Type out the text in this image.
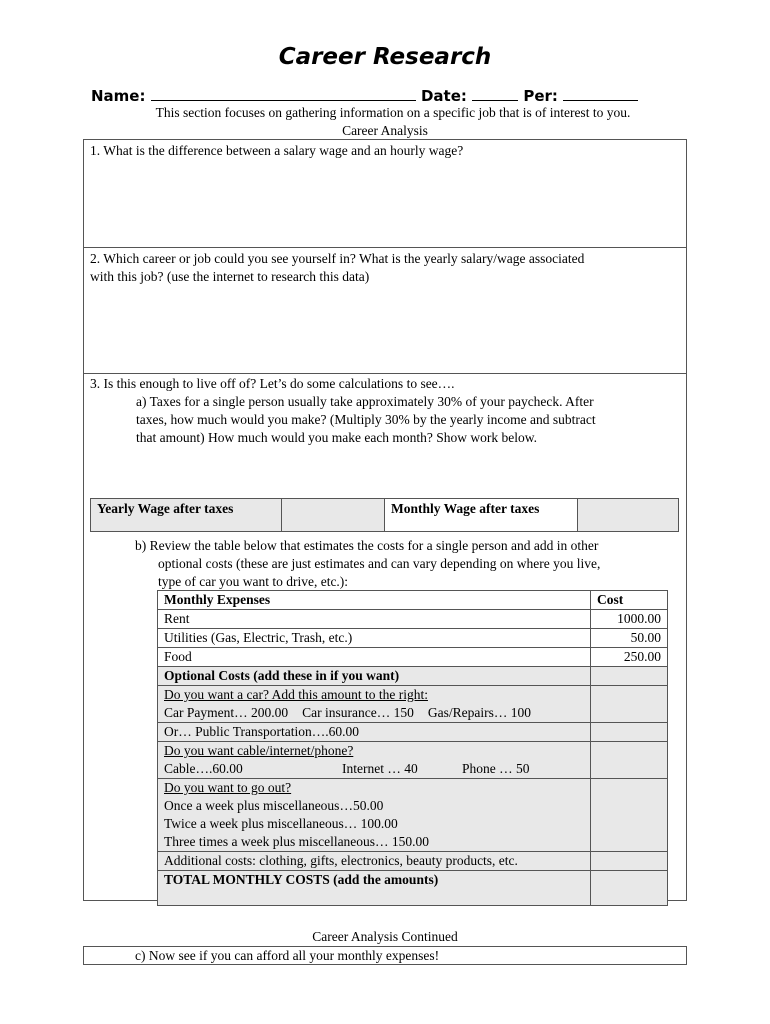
Career Research
Name:	Date:	Per:
This section focuses on gathering information on a specific job that is of interest to you.
Career Analysis
1. What is the difference between a salary wage and an hourly wage?
2. Which career or job could you see yourself in? What is the yearly salary/wage associated
with this job? (use the internet to research this data)
3. Is this enough to live off of? Let’s do some calculations to see….
a) Taxes for a single person usually take approximately 30% of your paycheck. After
taxes, how much would you make? (Multiply 30% by the yearly income and subtract
that amount) How much would you make each month? Show work below.
Yearly Wage after taxes		Monthly Wage after taxes	
b) Review the table below that estimates the costs for a single person and add in other
optional costs (these are just estimates and can vary depending on where you live,
type of car you want to drive, etc.):
Monthly Expenses	Cost
Rent	1000.00
Utilities (Gas, Electric, Trash, etc.)	50.00
Food	250.00
Optional Costs (add these in if you want)	

Do you want a car? Add this amount to the right:
Car Payment… 200.00 Car insurance… 150 Gas/Repairs… 100	

Or… Public Transportation….60.00	

Do you want cable/internet/phone?
Cable….60.00 Internet … 40 Phone … 50	

Do you want to go out?
Once a week plus miscellaneous…50.00
Twice a week plus miscellaneous… 100.00
Three times a week plus miscellaneous… 150.00	

Additional costs: clothing, gifts, electronics, beauty products, etc.	
TOTAL MONTHLY COSTS (add the amounts)	
Career Analysis Continued
c) Now see if you can afford all your monthly expenses!
